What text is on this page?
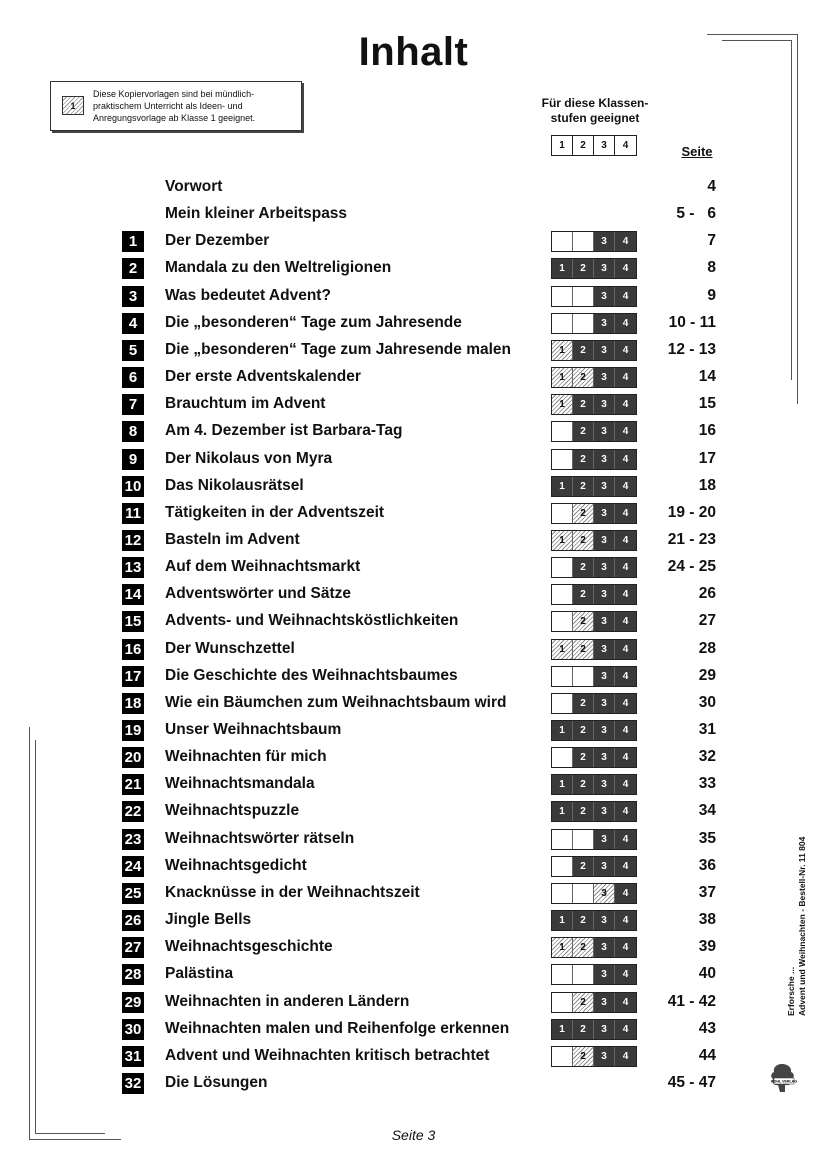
Inhalt
1
Diese Kopiervorlagen sind bei mündlich-praktischem Unterricht als Ideen- und Anregungsvorlage ab Klasse 1 geeignet.
Für diese Klassen-
stufen geeignet
1	2	3	4	Seite
Vorwort	4
Mein kleiner Arbeitspass	5 -   6
1	Der Dezember	3	4	7
2	Mandala zu den Weltreligionen	1	2	3	4	8
3	Was bedeutet Advent?	3	4	9
4	Die „besonderen“ Tage zum Jahresende	3	4	10 - 11
5	Die „besonderen“ Tage zum Jahresende malen	1	2	3	4	12 - 13
6	Der erste Adventskalender	1	2	3	4	14
7	Brauchtum im Advent	1	2	3	4	15
8	Am 4. Dezember ist Barbara-Tag	2	3	4	16
9	Der Nikolaus von Myra	2	3	4	17
10 Das Nikolausrätsel	1	2	3	4	18
11 Tätigkeiten in der Adventszeit	2	3	4	19 - 20
12 Basteln im Advent	1	2	3	4	21 - 23
13 Auf dem Weihnachtsmarkt	2	3	4	24 - 25
14 Adventswörter und Sätze	2	3	4	26
15 Advents- und Weihnachtsköstlichkeiten	2	3	4	27
16 Der Wunschzettel	1	2	3	4	28
17 Die Geschichte des Weihnachtsbaumes	3	4	29
18 Wie ein Bäumchen zum Weihnachtsbaum wird	2	3	4	30
19 Unser Weihnachtsbaum	1	2	3	4	31
20 Weihnachten für mich	2	3	4	32
21 Weihnachtsmandala	1	2	3	4	33
22 Weihnachtspuzzle	1	2	3	4	34
23 Weihnachtswörter rätseln	3	4	35
24 Weihnachtsgedicht	2	3	4	36
25 Knacknüsse in der Weihnachtszeit	3	4	37
26 Jingle Bells	1	2	3	4	38
27 Weihnachtsgeschichte	1	2	3	4	39
28 Palästina	3	4	40
29 Weihnachten in anderen Ländern	2	3	4	41 - 42
30 Weihnachten malen und Reihenfolge erkennen	1	2	3	4	43
31 Advent und Weihnachten kritisch betrachtet	2	3	4	44
32 Die Lösungen	45 - 47
Seite 3
Erforsche ... Advent und Weihnachten - Bestell-Nr. 11 804
KOHL VERLAG
